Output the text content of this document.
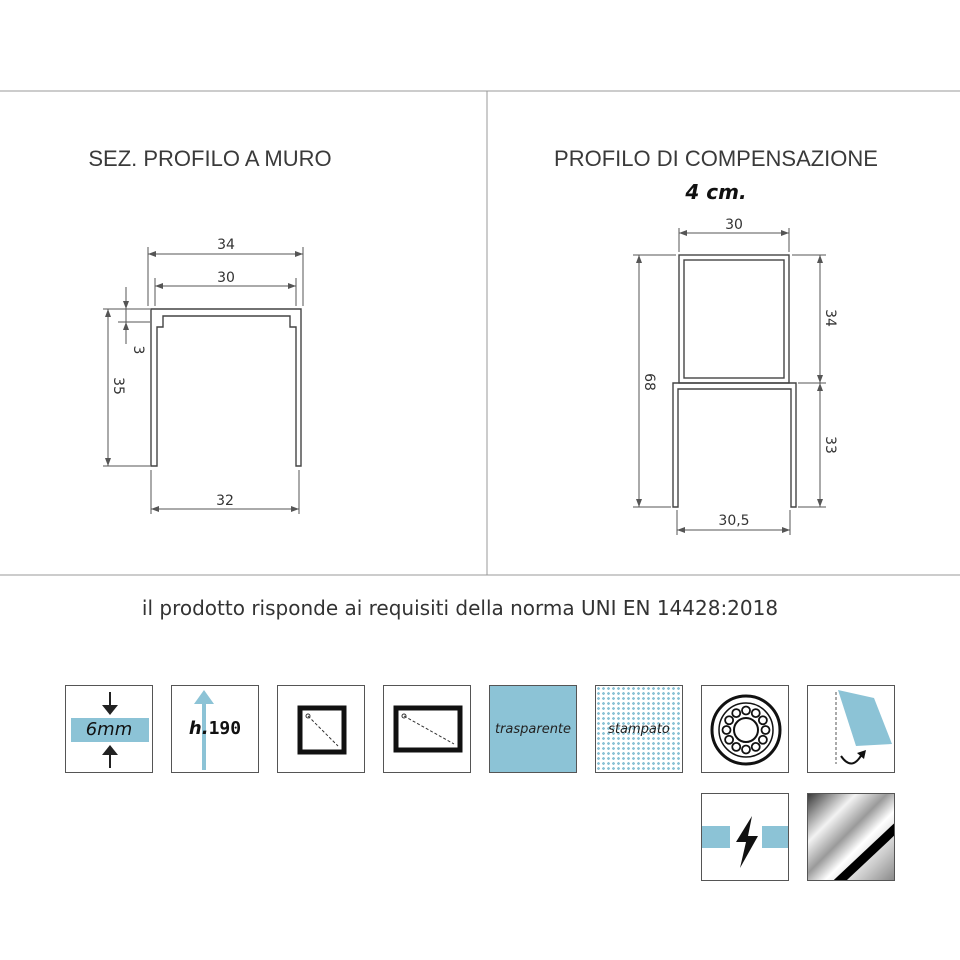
SEZ. PROFILO A MURO
34
30
3
35
32
PROFILO DI COMPENSAZIONE
4 cm.
30
34
68
33
30,5
il prodotto risponde ai requisiti della norma UNI EN 14428:2018
6mm	h.190	trasparente	stampato
